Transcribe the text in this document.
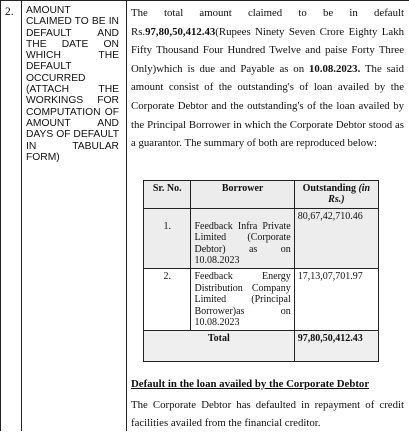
2. AMOUNT
CLAIMED TO BE IN
DEFAULT AND
THE DATE ON
WHICH THE
DEFAULT
OCCURRED
(ATTACH THE
WORKINGS FOR
COMPUTATION OF
AMOUNT AND
DAYS OF DEFAULT
IN TABULAR
FORM)

The total amount claimed to be in default Rs.97,80,50,412.43(Rupees Ninety Seven Crore Eighty Lakh Fifty Thousand Four Hundred Twelve and paise Forty Three Only)which is due and Payable as on 10.08.2023. The said amount consist of the outstanding's of loan availed by the Corporate Debtor and the outstanding's of the loan availed by the Principal Borrower in which the Corporate Debtor stood as a guarantor. The summary of both are reproduced below:

Sr. No.	Borrower	Outstanding (in Rs.)
1.	Feedback Infra Private Limited (Corporate Debtor) as on 10.08.2023	80,67,42,710.46
2.	Feedback Energy Distribution Company Limited (Principal Borrower)as on 10.08.2023	17,13,07,701.97
Total		97,80,50,412.43
Default in the loan availed by the Corporate Debtor
The Corporate Debtor has defaulted in repayment of credit facilities availed from the financial creditor.
